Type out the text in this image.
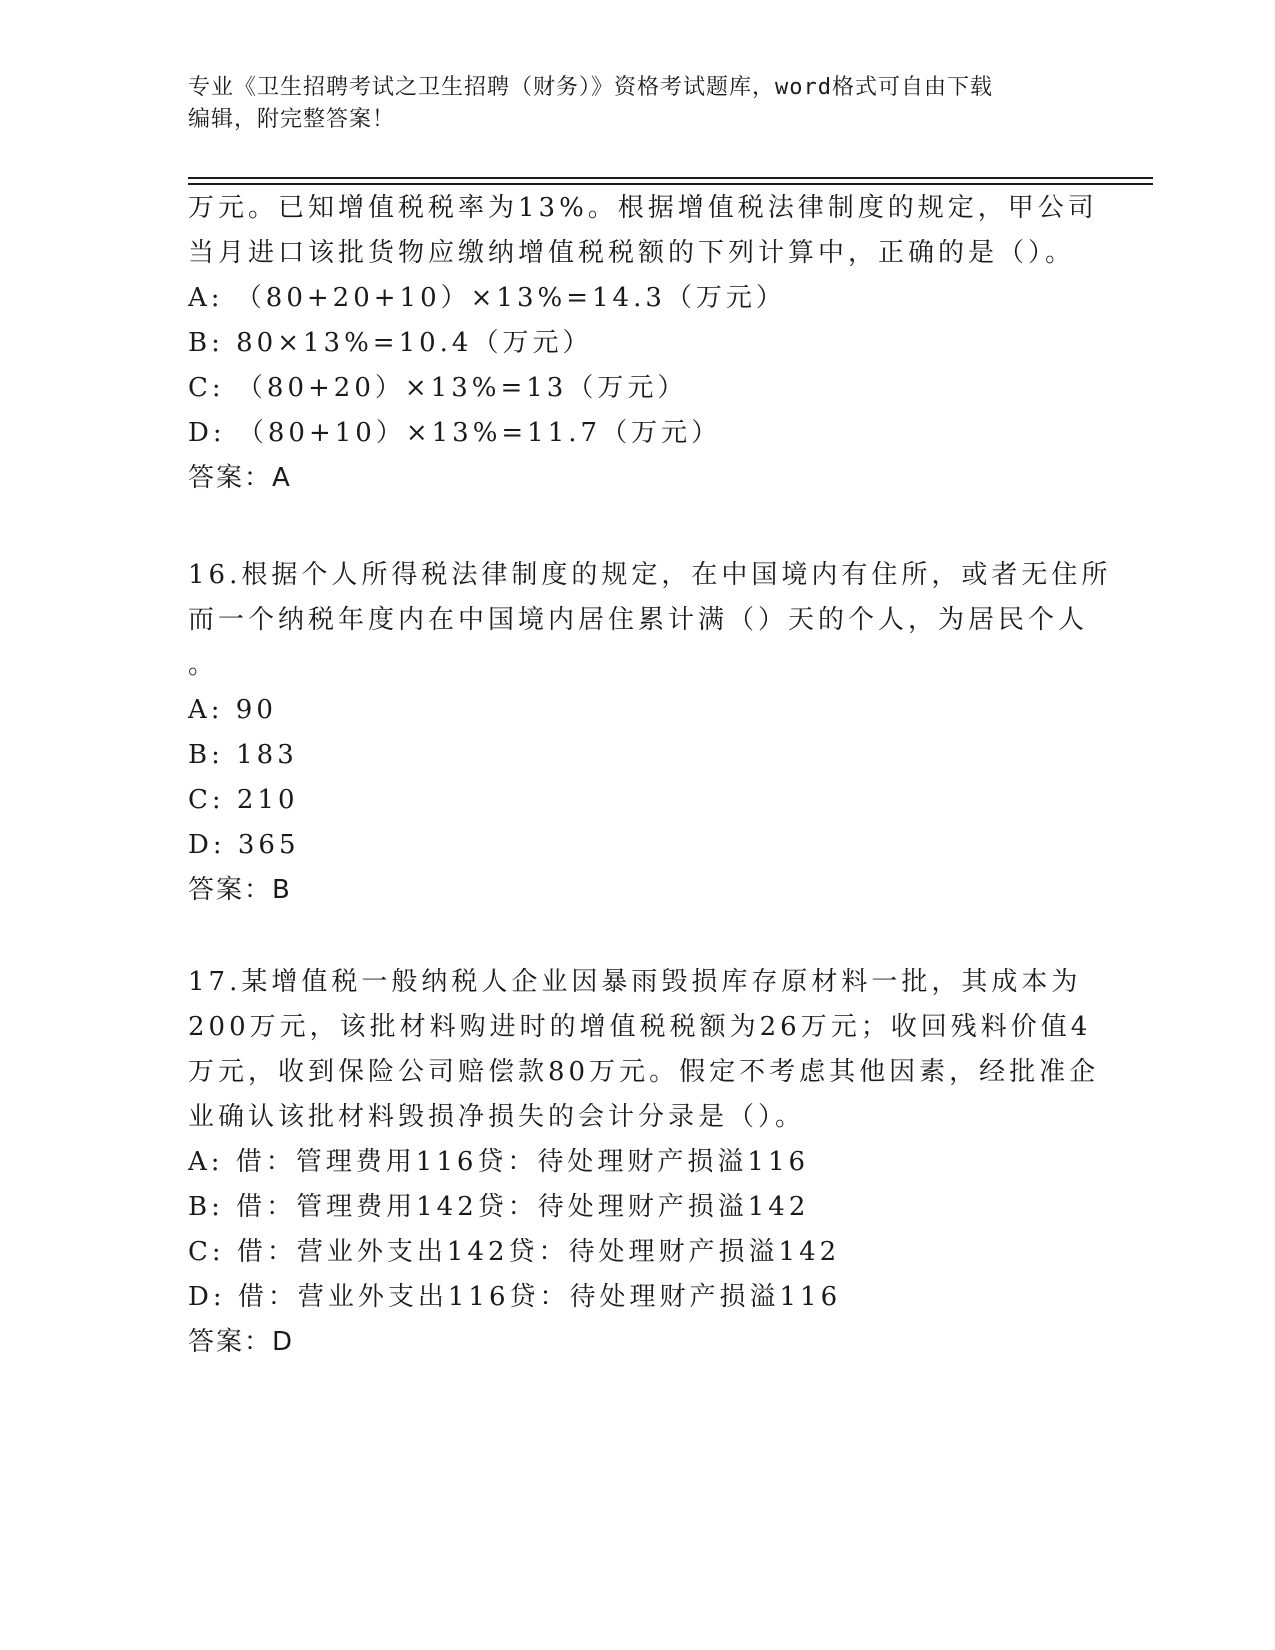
专业《卫生招聘考试之卫生招聘（财务）》资格考试题库，word格式可自由下载
编辑，附完整答案！
万元。已知增值税税率为13%。根据增值税法律制度的规定，甲公司
当月进口该批货物应缴纳增值税税额的下列计算中，正确的是（）。
A: （80+20+10）×13%=14.3（万元）
B: 80×13%=10.4（万元）
C: （80+20）×13%=13（万元）
D: （80+10）×13%=11.7（万元）
答案：A
16.根据个人所得税法律制度的规定，在中国境内有住所，或者无住所
而一个纳税年度内在中国境内居住累计满（）天的个人，为居民个人
。
A: 90
B: 183
C: 210
D: 365
答案：B
17.某增值税一般纳税人企业因暴雨毁损库存原材料一批，其成本为
200万元，该批材料购进时的增值税税额为26万元；收回残料价值4
万元，收到保险公司赔偿款80万元。假定不考虑其他因素，经批准企
业确认该批材料毁损净损失的会计分录是（）。
A: 借：管理费用116贷：待处理财产损溢116
B: 借：管理费用142贷：待处理财产损溢142
C: 借：营业外支出142贷：待处理财产损溢142
D: 借：营业外支出116贷：待处理财产损溢116
答案：D
